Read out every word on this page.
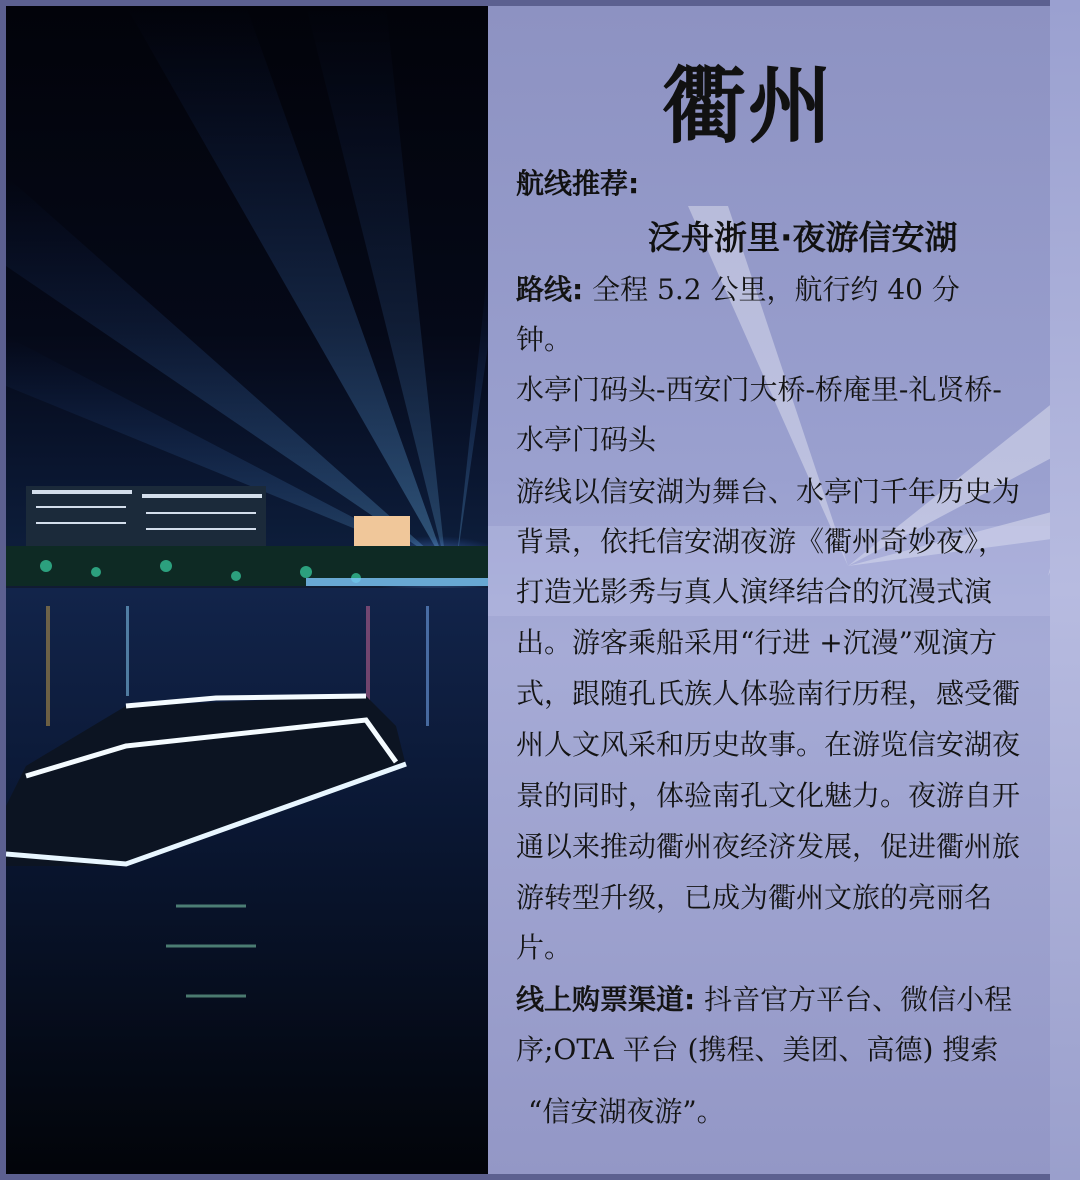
衢州
航线推荐:
泛舟浙里·夜游信安湖
路线: 全程 5.2 公里，航行约 40 分
钟。
水亭门码头-西安门大桥-桥庵里-礼贤桥-
水亭门码头
游线以信安湖为舞台、水亭门千年历史为
背景，依托信安湖夜游《衢州奇妙夜》，
打造光影秀与真人演绎结合的沉漫式演
出。游客乘船采用“行进 +沉漫”观演方
式，跟随孔氏族人体验南行历程，感受衢
州人文风采和历史故事。在游览信安湖夜
景的同时，体验南孔文化魅力。夜游自开
通以来推动衢州夜经济发展，促进衢州旅
游转型升级，已成为衢州文旅的亮丽名
片。
线上购票渠道: 抖音官方平台、微信小程
序;OTA 平台 (携程、美团、高德) 搜索
“信安湖夜游”。
